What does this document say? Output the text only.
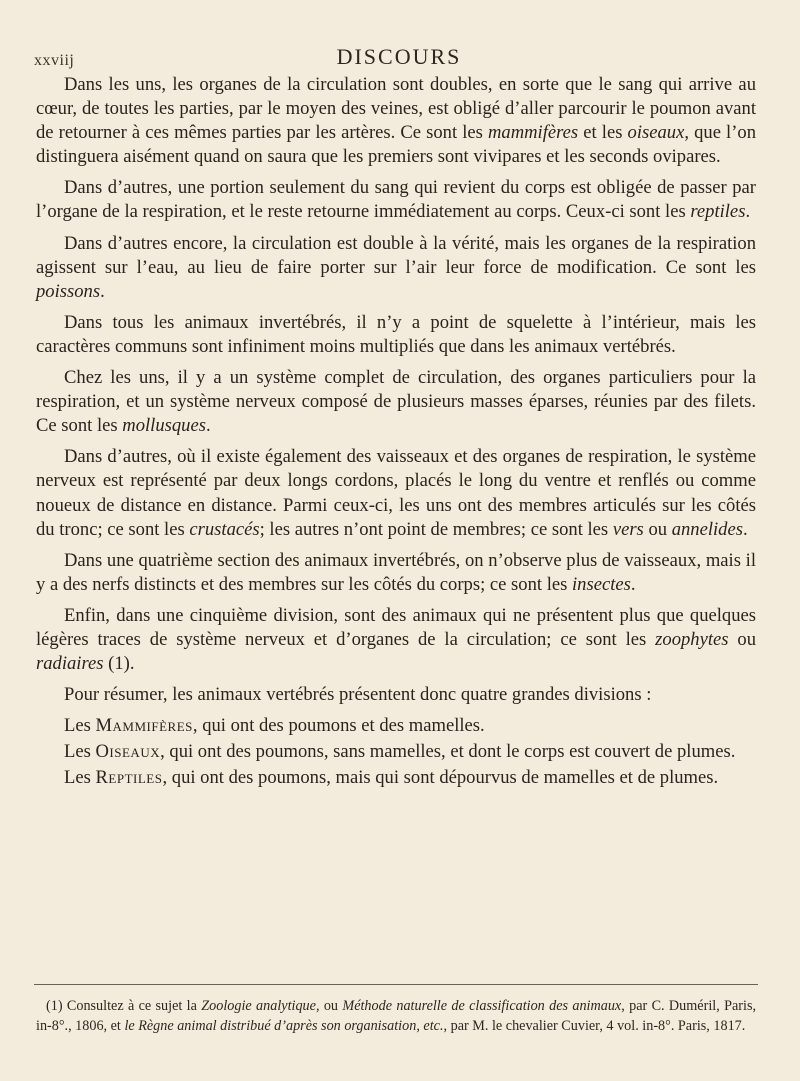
xxviij	DISCOURS

Dans les uns, les organes de la circulation sont doubles, en sorte que le sang qui arrive au cœur, de toutes les parties, par le moyen des veines, est obligé d’aller parcourir le poumon avant de retourner à ces mêmes parties par les artères. Ce sont les mammifères et les oiseaux, que l’on distinguera aisément quand on saura que les premiers sont vivipares et les seconds ovipares.

Dans d’autres, une portion seulement du sang qui revient du corps est obligée de passer par l’organe de la respiration, et le reste retourne immédiatement au corps. Ceux-ci sont les reptiles.

Dans d’autres encore, la circulation est double à la vérité, mais les organes de la respiration agissent sur l’eau, au lieu de faire porter sur l’air leur force de modification. Ce sont les poissons.

Dans tous les animaux invertébrés, il n’y a point de squelette à l’intérieur, mais les caractères communs sont infiniment moins multipliés que dans les animaux vertébrés.

Chez les uns, il y a un système complet de circulation, des organes particuliers pour la respiration, et un système nerveux composé de plusieurs masses éparses, réunies par des filets. Ce sont les mollusques.

Dans d’autres, où il existe également des vaisseaux et des organes de respiration, le système nerveux est représenté par deux longs cordons, placés le long du ventre et renflés ou comme noueux de distance en distance. Parmi ceux-ci, les uns ont des membres articulés sur les côtés du tronc; ce sont les crustacés; les autres n’ont point de membres; ce sont les vers ou annelides.

Dans une quatrième section des animaux invertébrés, on n’observe plus de vaisseaux, mais il y a des nerfs distincts et des membres sur les côtés du corps; ce sont les insectes.

Enfin, dans une cinquième division, sont des animaux qui ne présentent plus que quelques légères traces de système nerveux et d’organes de la circulation; ce sont les zoophytes ou radiaires (1).

Pour résumer, les animaux vertébrés présentent donc quatre grandes divisions :

Les Mammifères, qui ont des poumons et des mamelles.

Les Oiseaux, qui ont des poumons, sans mamelles, et dont le corps est couvert de plumes.

Les Reptiles, qui ont des poumons, mais qui sont dépourvus de mamelles et de plumes.

(1) Consultez à ce sujet la Zoologie analytique, ou Méthode naturelle de classification des animaux, par C. Duméril, Paris, in-8°., 1806, et le Règne animal distribué d’après son organisation, etc., par M. le chevalier Cuvier, 4 vol. in-8°. Paris, 1817.
